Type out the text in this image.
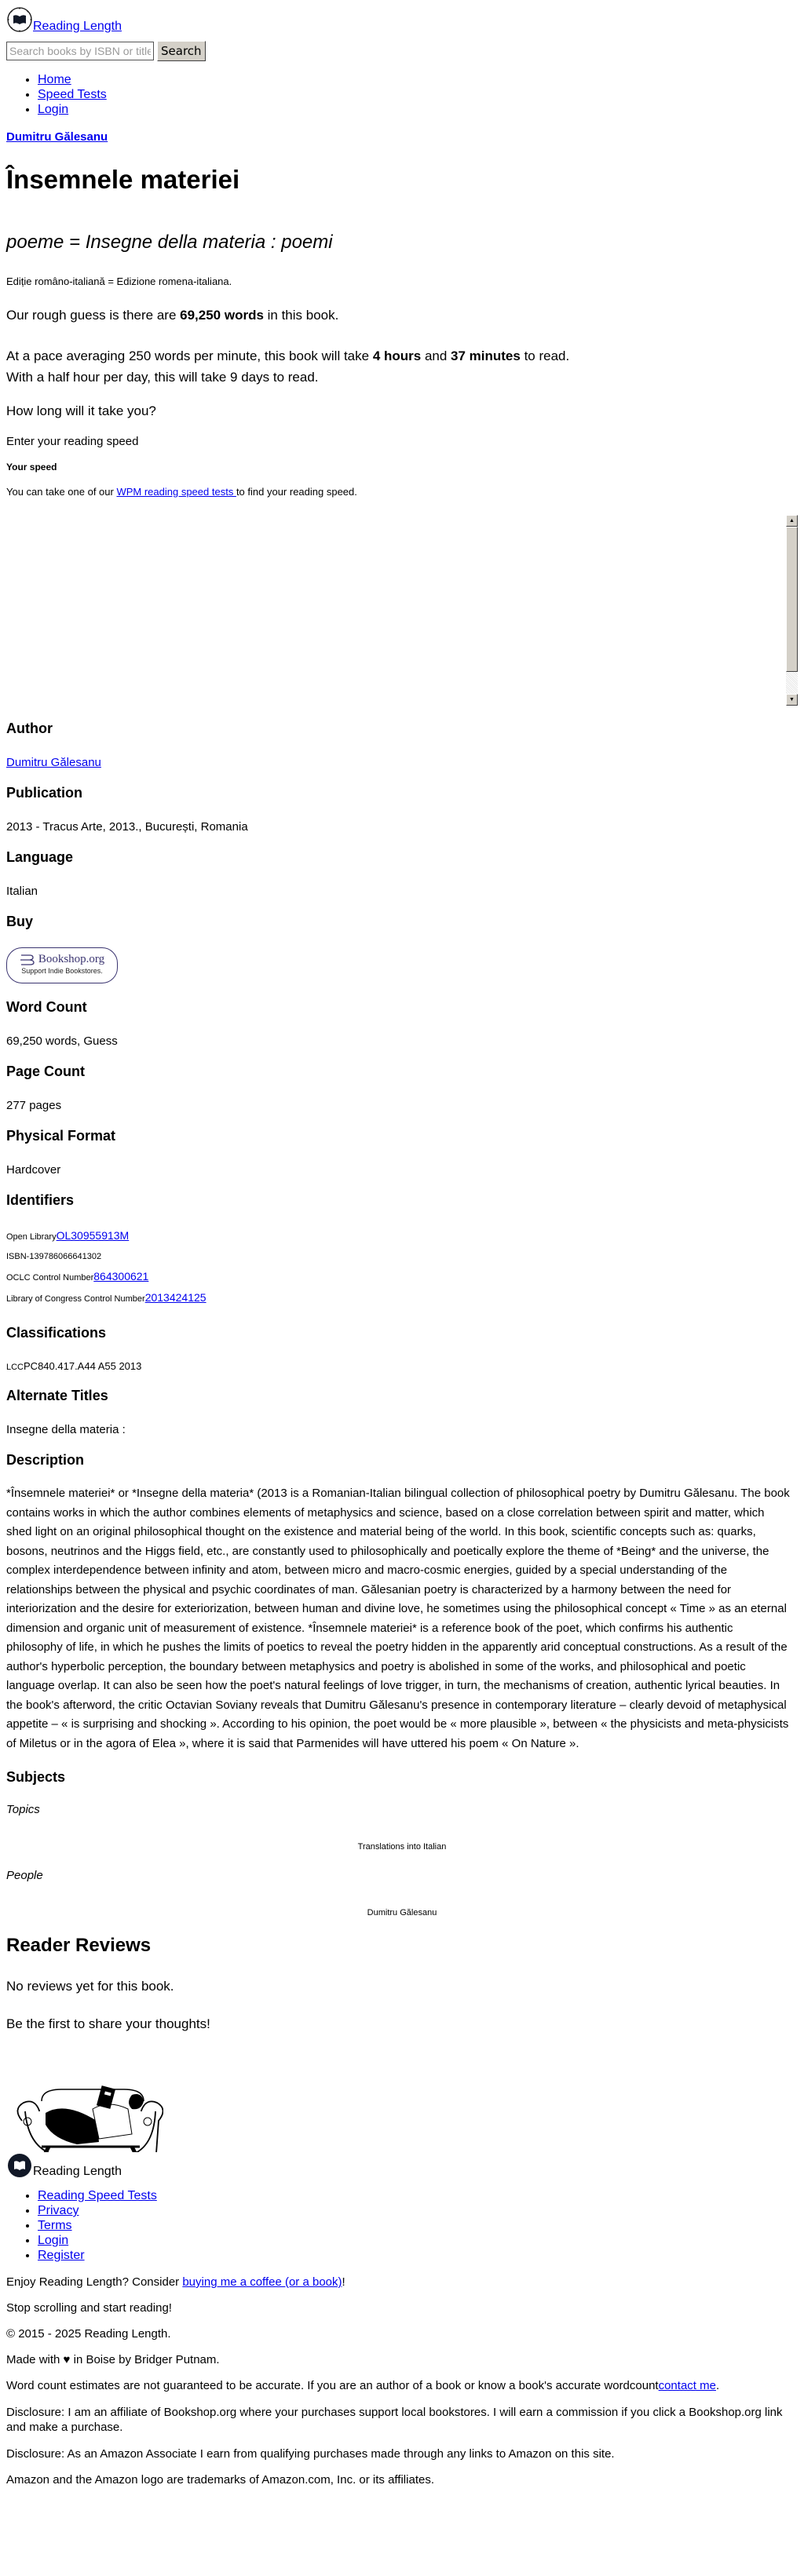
Reading Length
Search books by ISBN or title
Search
• Home
• Speed Tests
• Login
Dumitru Gălesanu
Însemnele materiei
poeme = Insegne della materia : poemi

Ediție româno-italiană = Edizione romena-italiana.

Our rough guess is there are 69,250 words in this book.

At a pace averaging 250 words per minute, this book will take 4 hours and 37 minutes to read.
With a half hour per day, this will take 9 days to read.

How long will it take you?

Enter your reading speed

Your speed

You can take one of our WPM reading speed tests to find your reading speed.

▲
▼
Author

Dumitru Gălesanu

Publication

2013 - Tracus Arte, 2013., București, Romania

Language

Italian

Buy
Bookshop.org
Support Indie Bookstores.
Word Count

69,250 words, Guess

Page Count

277 pages

Physical Format

Hardcover

Identifiers
Open LibraryOL30955913M
ISBN-139786066641302
OCLC Control Number864300621
Library of Congress Control Number2013424125
Classifications

LCCPC840.417.A44 A55 2013

Alternate Titles

Insegne della materia :

Description

*Însemnele materiei* or *Insegne della materia* (2013 is a Romanian-Italian bilingual collection of philosophical poetry by Dumitru Gălesanu. The book contains works in which the author combines elements of metaphysics and science, based on a close correlation between spirit and matter, which shed light on an original philosophical thought on the existence and material being of the world. In this book, scientific concepts such as: quarks, bosons, neutrinos and the Higgs field, etc., are constantly used to philosophically and poetically explore the theme of *Being* and the universe, the complex interdependence between infinity and atom, between micro and macro-cosmic energies, guided by a special understanding of the relationships between the physical and psychic coordinates of man. Gălesanian poetry is characterized by a harmony between the need for interiorization and the desire for exteriorization, between human and divine love, he sometimes using the philosophical concept « Time » as an eternal dimension and organic unit of measurement of existence. *Însemnele materiei* is a reference book of the poet, which confirms his authentic philosophy of life, in which he pushes the limits of poetics to reveal the poetry hidden in the apparently arid conceptual constructions. As a result of the author's hyperbolic perception, the boundary between metaphysics and poetry is abolished in some of the works, and philosophical and poetic language overlap. It can also be seen how the poet's natural feelings of love trigger, in turn, the mechanisms of creation, authentic lyrical beauties. In the book's afterword, the critic Octavian Soviany reveals that Dumitru Gălesanu's presence in contemporary literature – clearly devoid of metaphysical appetite – « is surprising and shocking ». According to his opinion, the poet would be « more plausible », between « the physicists and meta-physicists of Miletus or in the agora of Elea », where it is said that Parmenides will have uttered his poem « On Nature ».

Subjects

Topics

Translations into Italian

People

Dumitru Gălesanu

Reader Reviews

No reviews yet for this book.

Be the first to share your thoughts!

Reading Length
• Reading Speed Tests
• Privacy
• Terms
• Login
• Register

Enjoy Reading Length? Consider buying me a coffee (or a book)!

Stop scrolling and start reading!

© 2015 - 2025 Reading Length.

Made with ♥ in Boise by Bridger Putnam.

Word count estimates are not guaranteed to be accurate. If you are an author of a book or know a book's accurate wordcountcontact me.

Disclosure: I am an affiliate of Bookshop.org where your purchases support local bookstores. I will earn a commission if you click a Bookshop.org link and make a purchase.

Disclosure: As an Amazon Associate I earn from qualifying purchases made through any links to Amazon on this site.

Amazon and the Amazon logo are trademarks of Amazon.com, Inc. or its affiliates.
